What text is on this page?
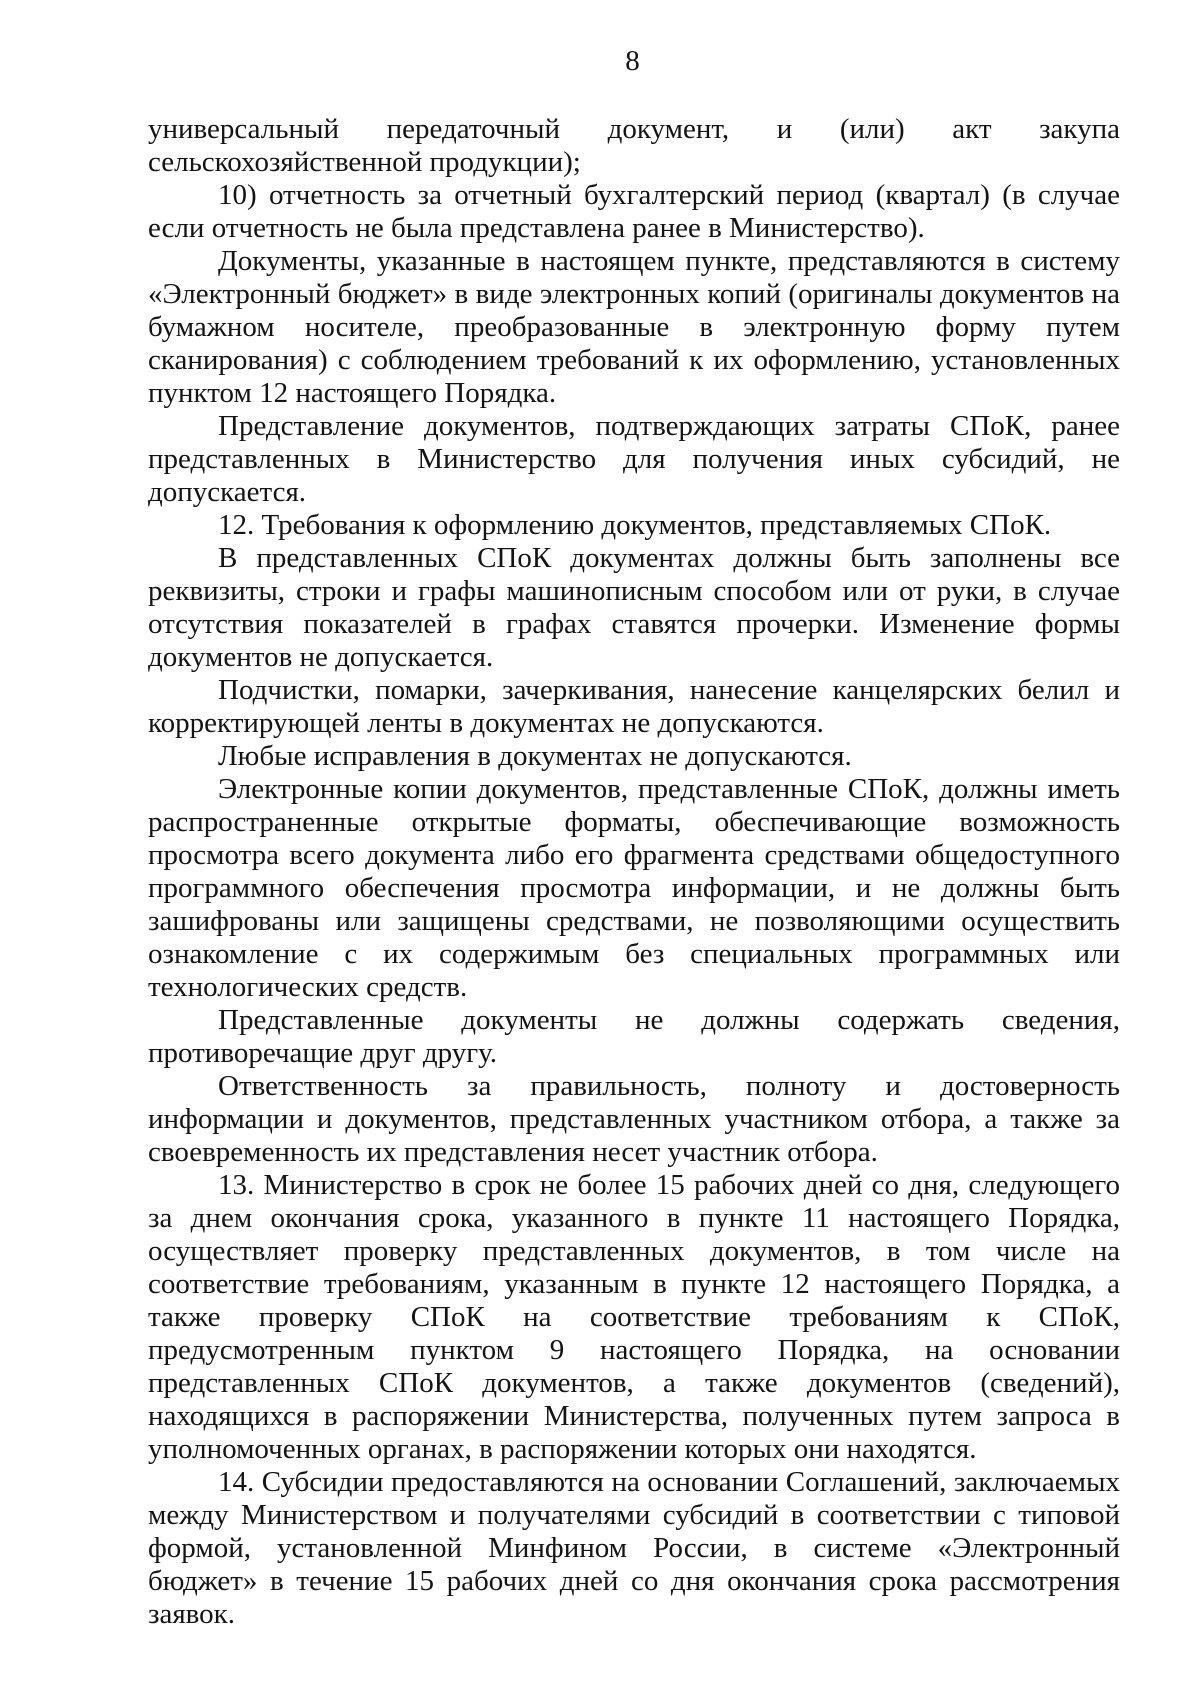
8

универсальный передаточный документ, и (или) акт закупа сельскохозяйственной продукции);

10) отчетность за отчетный бухгалтерский период (квартал) (в случае если отчетность не была представлена ранее в Министерство).

Документы, указанные в настоящем пункте, представляются в систему «Электронный бюджет» в виде электронных копий (оригиналы документов на бумажном носителе, преобразованные в электронную форму путем сканирования) с соблюдением требований к их оформлению, установленных пунктом 12 настоящего Порядка.

Представление документов, подтверждающих затраты СПоК, ранее представленных в Министерство для получения иных субсидий, не допускается.

12. Требования к оформлению документов, представляемых СПоК.

В представленных СПоК документах должны быть заполнены все реквизиты, строки и графы машинописным способом или от руки, в случае отсутствия показателей в графах ставятся прочерки. Изменение формы документов не допускается.

Подчистки, помарки, зачеркивания, нанесение канцелярских белил и корректирующей ленты в документах не допускаются.

Любые исправления в документах не допускаются.

Электронные копии документов, представленные СПоК, должны иметь распространенные открытые форматы, обеспечивающие возможность просмотра всего документа либо его фрагмента средствами общедоступного программного обеспечения просмотра информации, и не должны быть зашифрованы или защищены средствами, не позволяющими осуществить ознакомление с их содержимым без специальных программных или технологических средств.

Представленные документы не должны содержать сведения, противоречащие друг другу.

Ответственность за правильность, полноту и достоверность информации и документов, представленных участником отбора, а также за своевременность их представления несет участник отбора.

13. Министерство в срок не более 15 рабочих дней со дня, следующего за днем окончания срока, указанного в пункте 11 настоящего Порядка, осуществляет проверку представленных документов, в том числе на соответствие требованиям, указанным в пункте 12 настоящего Порядка, а также проверку СПоК на соответствие требованиям к СПоК, предусмотренным пунктом 9 настоящего Порядка, на основании представленных СПоК документов, а также документов (сведений), находящихся в распоряжении Министерства, полученных путем запроса в уполномоченных органах, в распоряжении которых они находятся.

14. Субсидии предоставляются на основании Соглашений, заключаемых между Министерством и получателями субсидий в соответствии с типовой формой, установленной Минфином России, в системе «Электронный бюджет» в течение 15 рабочих дней со дня окончания срока рассмотрения заявок.
